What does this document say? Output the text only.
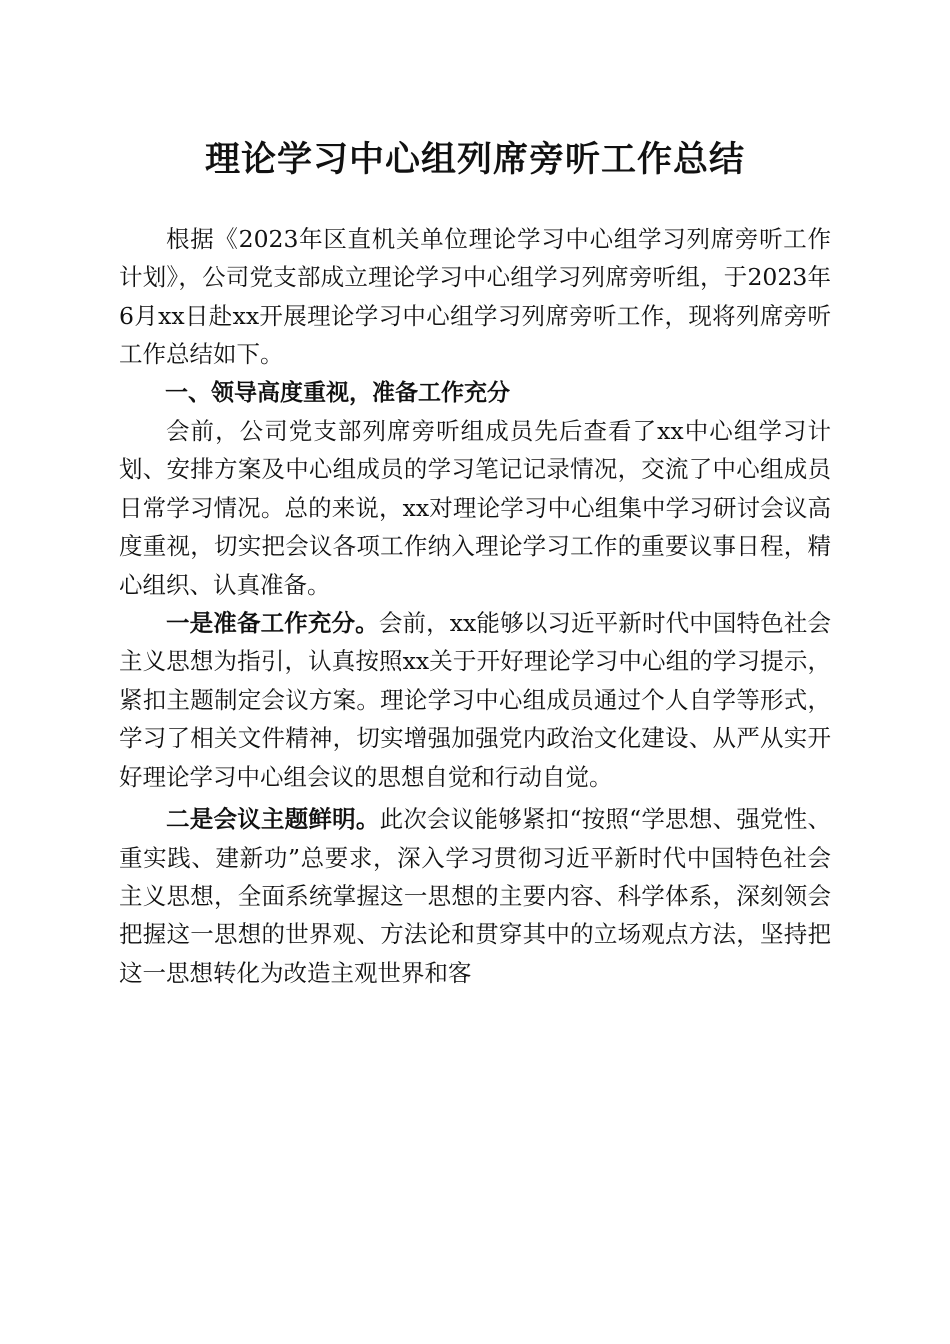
理论学习中心组列席旁听工作总结

根据《2023年区直机关单位理论学习中心组学习列席旁听工作计划》，公司党支部成立理论学习中心组学习列席旁听组，于2023年6月xx日赴xx开展理论学习中心组学习列席旁听工作，现将列席旁听工作总结如下。

一、领导高度重视，准备工作充分

会前，公司党支部列席旁听组成员先后查看了xx中心组学习计划、安排方案及中心组成员的学习笔记记录情况，交流了中心组成员日常学习情况。总的来说，xx对理论学习中心组集中学习研讨会议高度重视，切实把会议各项工作纳入理论学习工作的重要议事日程，精心组织、认真准备。

一是准备工作充分。会前，xx能够以习近平新时代中国特色社会主义思想为指引，认真按照xx关于开好理论学习中心组的学习提示，紧扣主题制定会议方案。理论学习中心组成员通过个人自学等形式，学习了相关文件精神，切实增强加强党内政治文化建设、从严从实开好理论学习中心组会议的思想自觉和行动自觉。

二是会议主题鲜明。此次会议能够紧扣“按照“学思想、强党性、重实践、建新功”总要求，深入学习贯彻习近平新时代中国特色社会主义思想，全面系统掌握这一思想的主要内容、科学体系，深刻领会把握这一思想的世界观、方法论和贯穿其中的立场观点方法，坚持把这一思想转化为改造主观世界和客
